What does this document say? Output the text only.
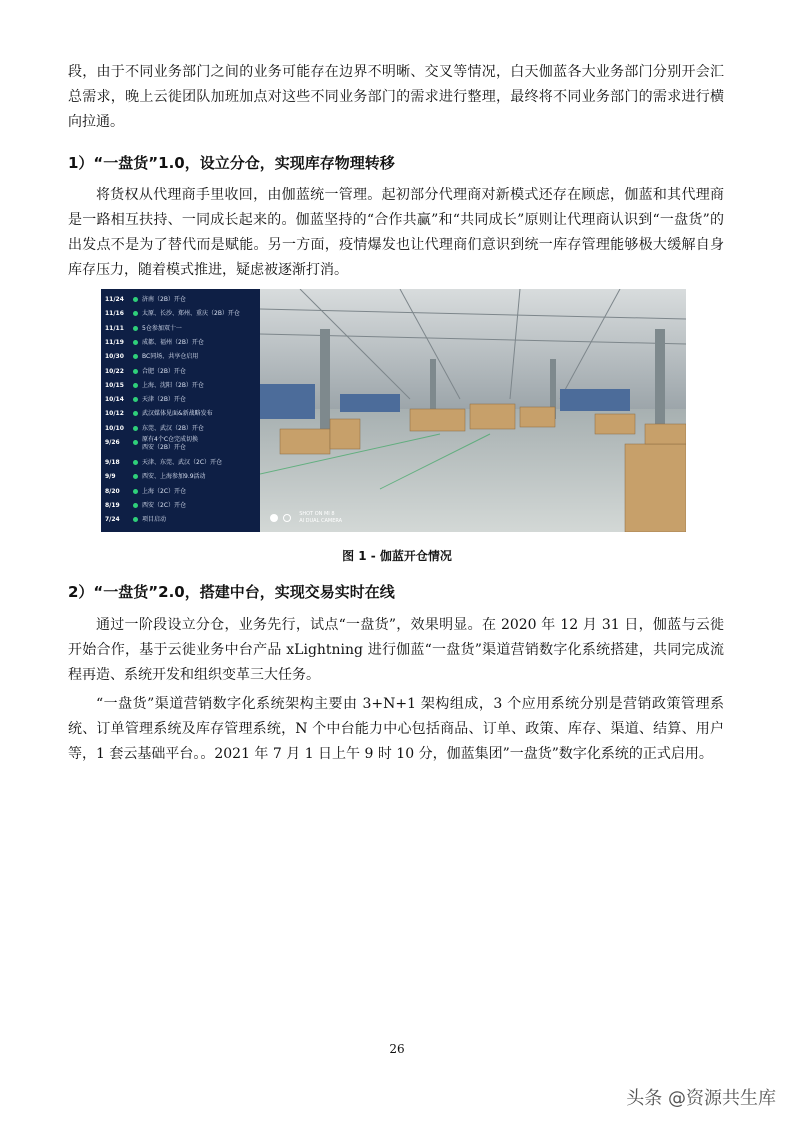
段，由于不同业务部门之间的业务可能存在边界不明晰、交叉等情况，白天伽蓝各大业务部门分别开会汇总需求，晚上云徙团队加班加点对这些不同业务部门的需求进行整理，最终将不同业务部门的需求进行横向拉通。

1）“一盘货”1.0，设立分仓，实现库存物理转移

将货权从代理商手里收回，由伽蓝统一管理。起初部分代理商对新模式还存在顾虑，伽蓝和其代理商是一路相互扶持、一同成长起来的。伽蓝坚持的“合作共赢”和“共同成长”原则让代理商认识到“一盘货”的出发点不是为了替代而是赋能。另一方面，疫情爆发也让代理商们意识到统一库存管理能够极大缓解自身库存压力，随着模式推进，疑虑被逐渐打消。

11/24	济南（2B）开仓
11/16	太原、长沙、郑州、重庆（2B）开仓
11/11	5仓参加双十一
11/19	成都、福州（2B）开仓
10/30	BC同场、共享仓启用
10/22	合肥（2B）开仓
10/15	上海、沈阳（2B）开仓
10/14	天津（2B）开仓
10/12	武汉媒体见面&新战略发布
10/10	东莞、武汉（2B）开仓
9/26	原有4个C仓完成切换
西安（2B）开仓
9/18	天津、东莞、武汉（2C）开仓
9/9	西安、上海参加9.9活动
8/20	上海（2C）开仓
8/19	西安（2C）开仓
7/24	项目启动
SHOT ON MI 8
AI DUAL CAMERA

图 1 - 伽蓝开仓情况

2）“一盘货”2.0，搭建中台，实现交易实时在线

通过一阶段设立分仓，业务先行，试点“一盘货”，效果明显。在 2020 年 12 月 31 日，伽蓝与云徙开始合作，基于云徙业务中台产品 xLightning 进行伽蓝“一盘货”渠道营销数字化系统搭建，共同完成流程再造、系统开发和组织变革三大任务。

“一盘货”渠道营销数字化系统架构主要由 3+N+1 架构组成，3 个应用系统分别是营销政策管理系统、订单管理系统及库存管理系统，N 个中台能力中心包括商品、订单、政策、库存、渠道、结算、用户等，1 套云基础平台。。2021 年 7 月 1 日上午 9 时 10 分，伽蓝集团”一盘货”数字化系统的正式启用。

26
头条 @资源共生库
